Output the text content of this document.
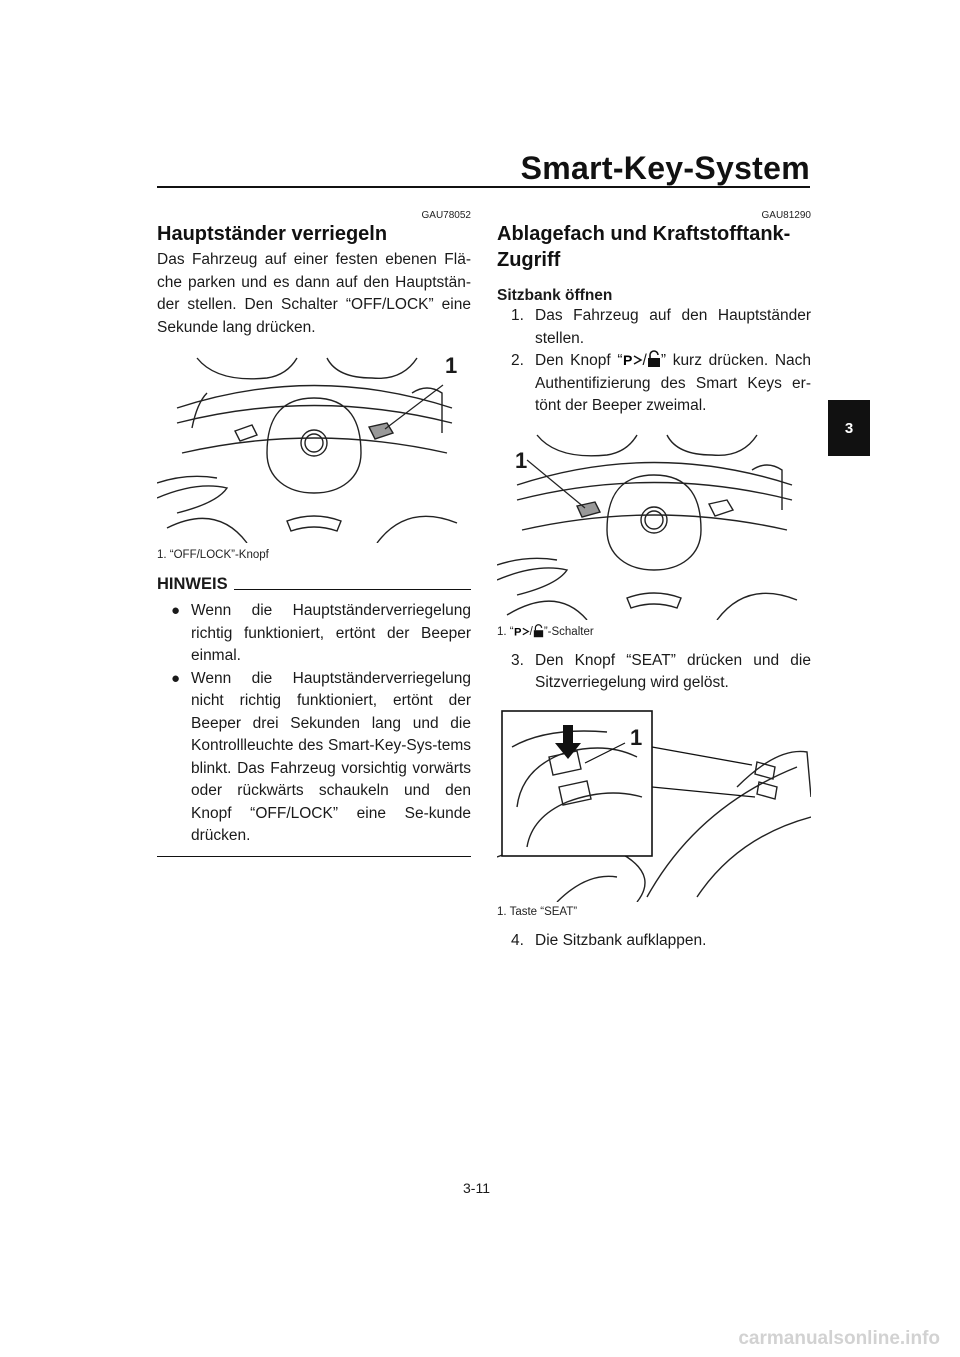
Smart-Key-System
3
GAU78052
Hauptständer verriegeln

Das Fahrzeug auf einer festen ebenen Flä-che parken und es dann auf den Hauptstän-der stellen. Den Schalter “OFF/LOCK” eine Sekunde lang drücken.

1
1. “OFF/LOCK”-Knopf
HINWEIS
● Wenn die Hauptständerverriegelung richtig funktioniert, ertönt der Beeper einmal.
● Wenn die Hauptständerverriegelung nicht richtig funktioniert, ertönt der Beeper drei Sekunden lang und die Kontrollleuchte des Smart-Key-Sys-tems blinkt. Das Fahrzeug vorsichtig vorwärts oder rückwärts schaukeln und den Knopf “OFF/LOCK” eine Se-kunde drücken.
GAU81290
Ablagefach und Kraftstofftank-Zugriff
Sitzbank öffnen
1. Das Fahrzeug auf den Hauptständer stellen.
2. Den Knopf “ P / ” kurz drücken. Nach Authentifizierung des Smart Keys er-tönt der Beeper zweimal.
1
1. “ P / ”-Schalter
3. Den Knopf “SEAT” drücken und die Sitzverriegelung wird gelöst.
1
1. Taste “SEAT”
4. Die Sitzbank aufklappen.
3-11
carmanualsonline.info
